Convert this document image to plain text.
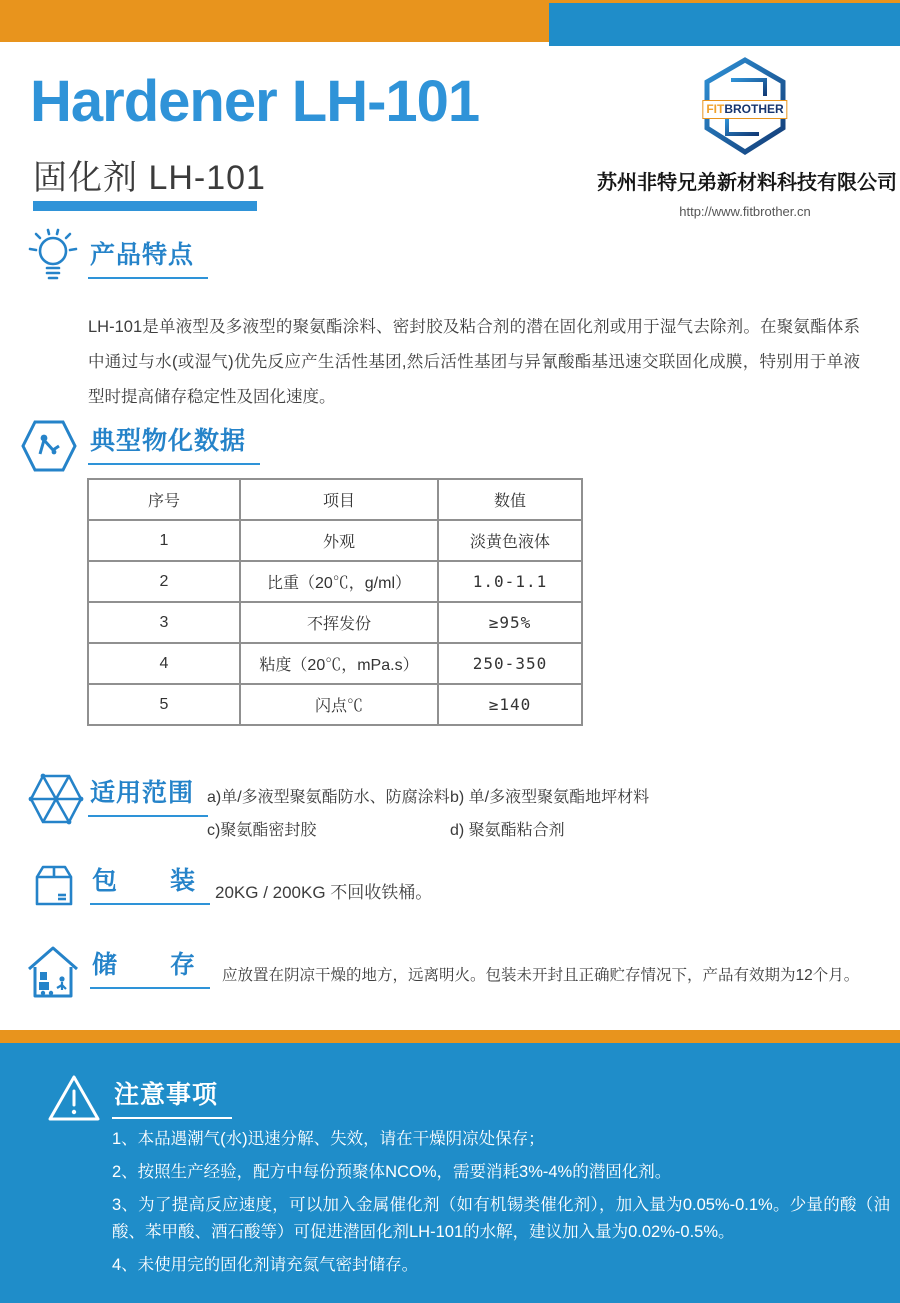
Hardener LH-101
固化剂 LH-101
FITBROTHER
苏州非特兄弟新材料科技有限公司
http://www.fitbrother.cn
产品特点

LH-101是单液型及多液型的聚氨酯涂料、密封胶及粘合剂的潜在固化剂或用于湿气去除剂。在聚氨酯体系中通过与水(或湿气)优先反应产生活性基团,然后活性基团与异氰酸酯基迅速交联固化成膜，特别用于单液型时提高储存稳定性及固化速度。

典型物化数据
序号	项目	数值
1	外观	淡黄色液体
2	比重（20℃，g/ml）	1.0-1.1
3	不挥发份	≥95%
4	粘度（20℃，mPa.s）	250-350
5	闪点℃	≥140
适用范围 a)单/多液型聚氨酯防水、防腐涂料 b) 单/多液型聚氨酯地坪材料
c)聚氨酯密封胶	d) 聚氨酯粘合剂
包　　装	20KG / 200KG 不回收铁桶。
储　　存	应放置在阴凉干燥的地方，远离明火。包装未开封且正确贮存情况下，产品有效期为12个月。
注意事项
1、本品遇潮气(水)迅速分解、失效，请在干燥阴凉处保存；
2、按照生产经验，配方中每份预聚体NCO%，需要消耗3%-4%的潜固化剂。
3、为了提高反应速度，可以加入金属催化剂（如有机锡类催化剂），加入量为0.05%-0.1%。少量的酸（油酸、苯甲酸、酒石酸等）可促进潜固化剂LH-101的水解，建议加入量为0.02%-0.5%。
4、未使用完的固化剂请充氮气密封储存。
